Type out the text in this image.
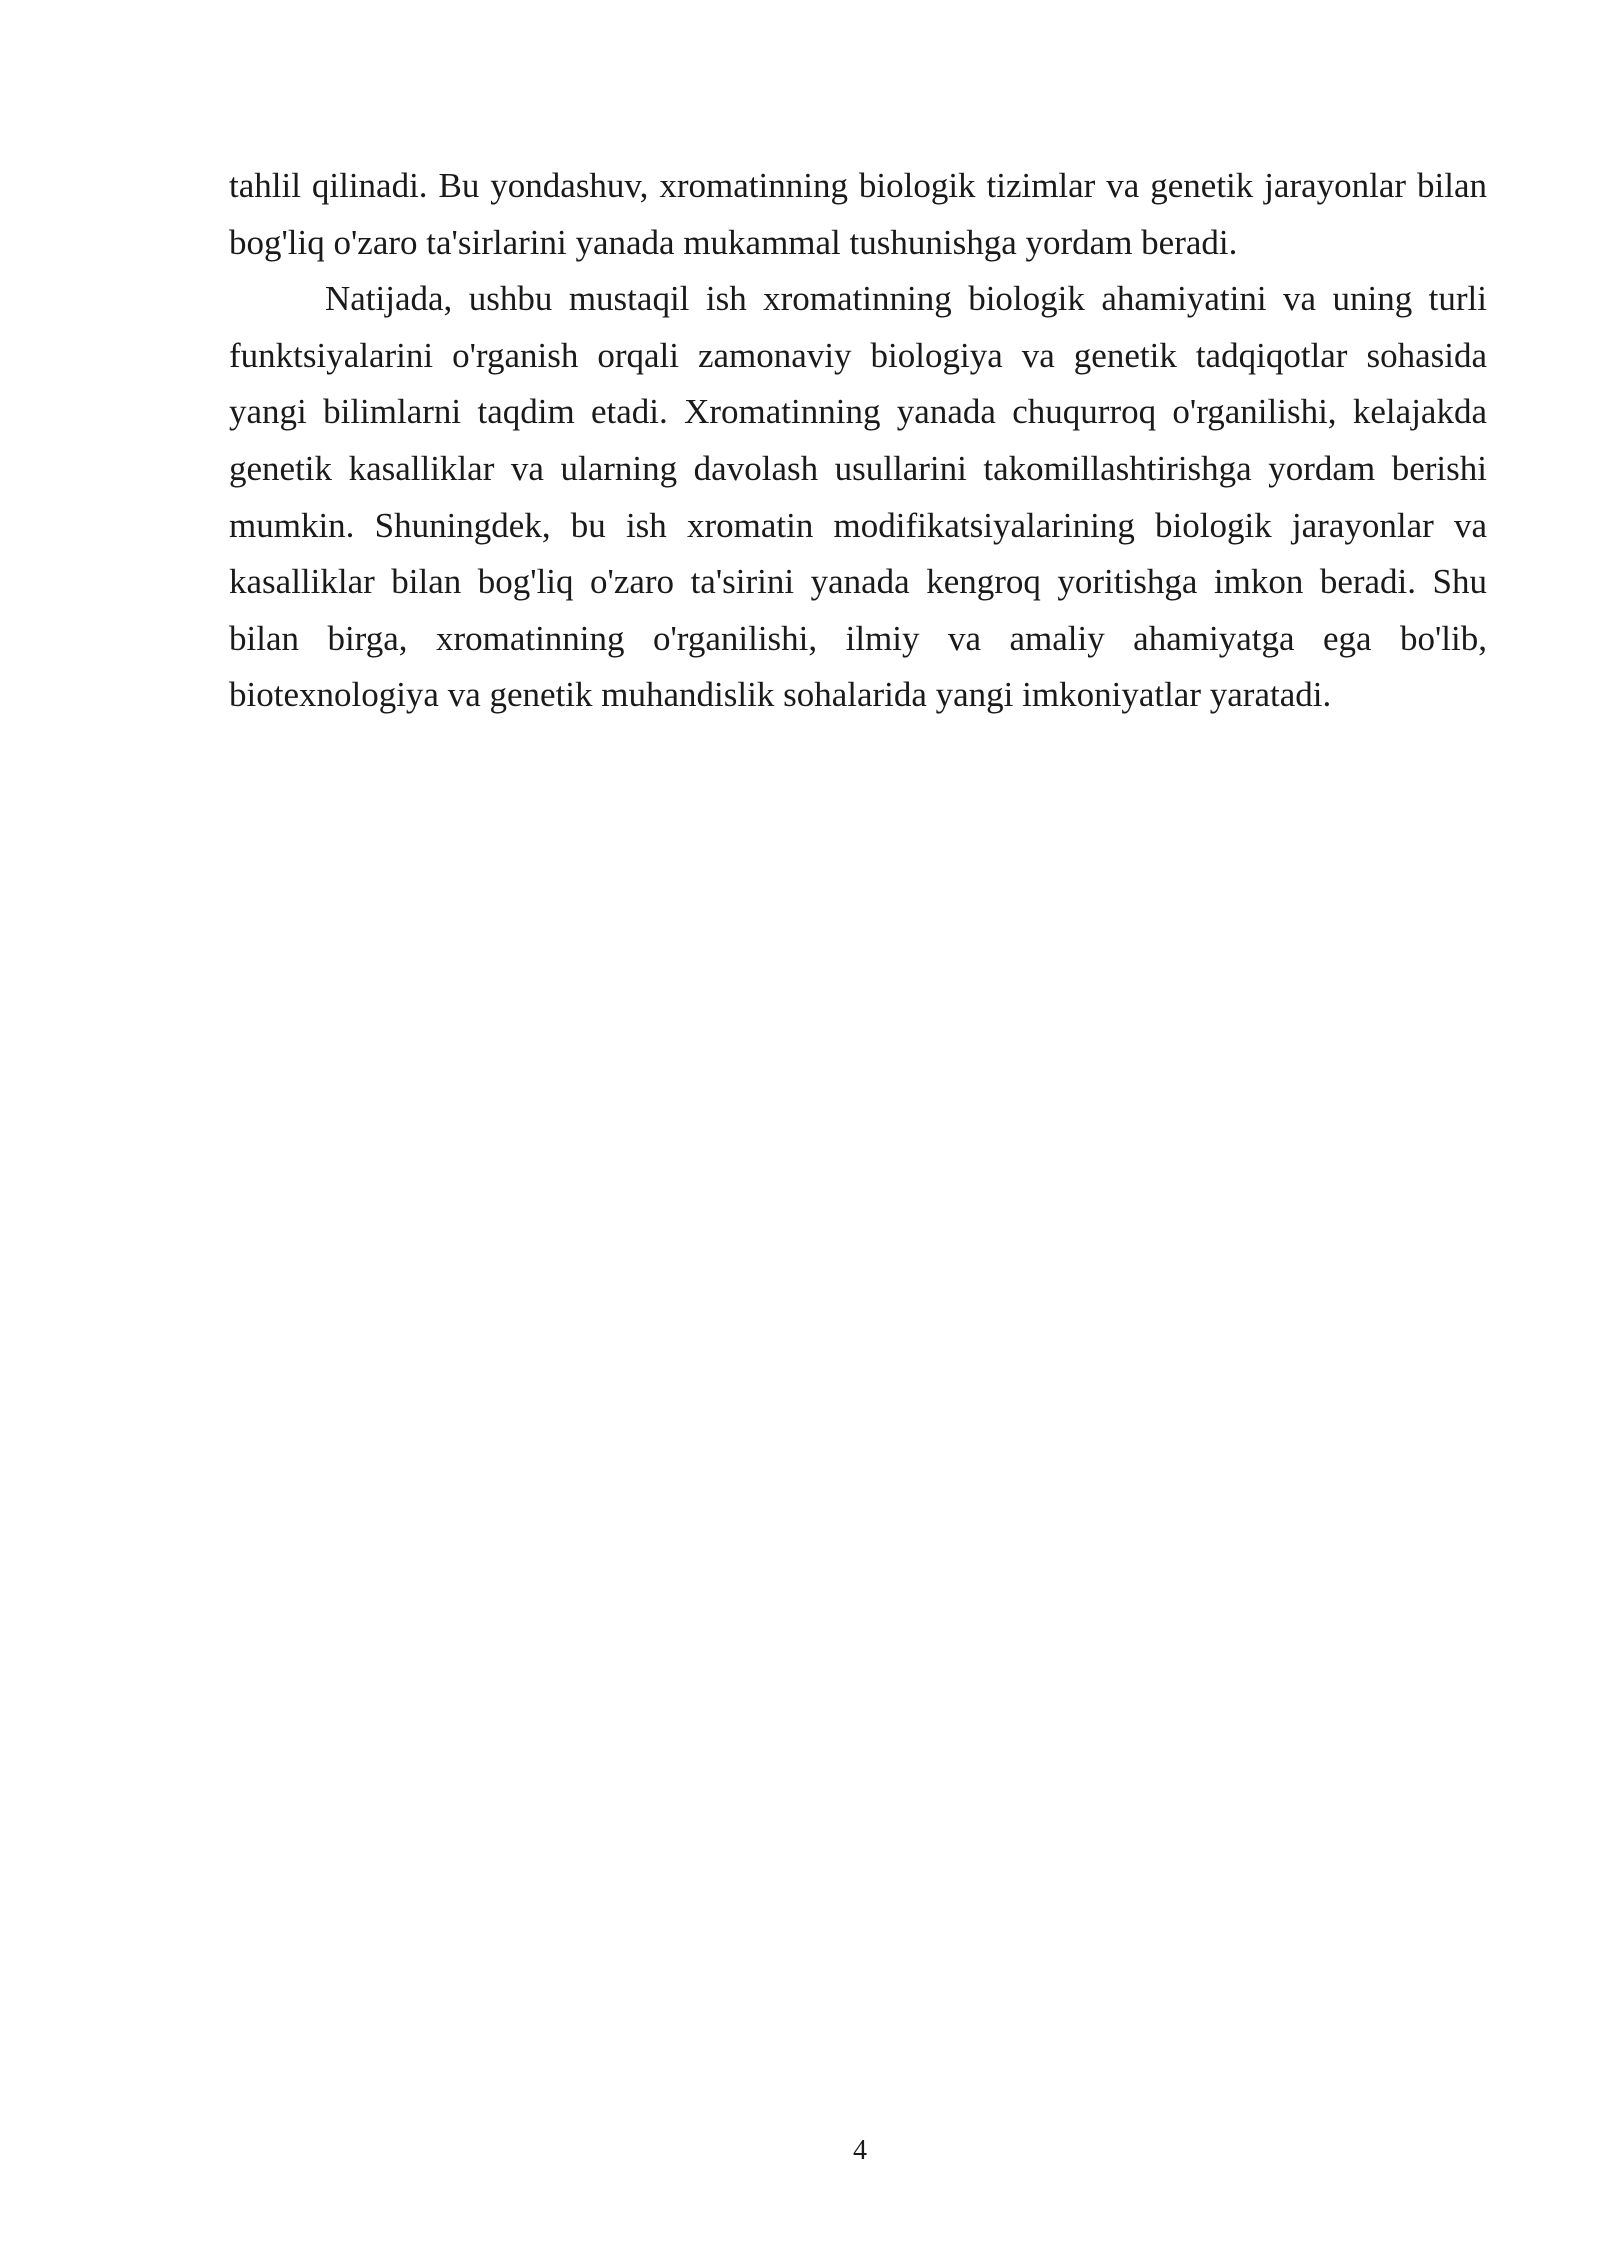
tahlil qilinadi. Bu yondashuv, xromatinning biologik tizimlar va genetik jarayonlar bilan bog'liq o'zaro ta'sirlarini yanada mukammal tushunishga yordam beradi.

Natijada, ushbu mustaqil ish xromatinning biologik ahamiyatini va uning turli funktsiyalarini o'rganish orqali zamonaviy biologiya va genetik tadqiqotlar sohasida yangi bilimlarni taqdim etadi. Xromatinning yanada chuqurroq o'rganilishi, kelajakda genetik kasalliklar va ularning davolash usullarini takomillashtirishga yordam berishi mumkin. Shuningdek, bu ish xromatin modifikatsiyalarining biologik jarayonlar va kasalliklar bilan bog'liq o'zaro ta'sirini yanada kengroq yoritishga imkon beradi. Shu bilan birga, xromatinning o'rganilishi, ilmiy va amaliy ahamiyatga ega bo'lib, biotexnologiya va genetik muhandislik sohalarida yangi imkoniyatlar yaratadi.

4
